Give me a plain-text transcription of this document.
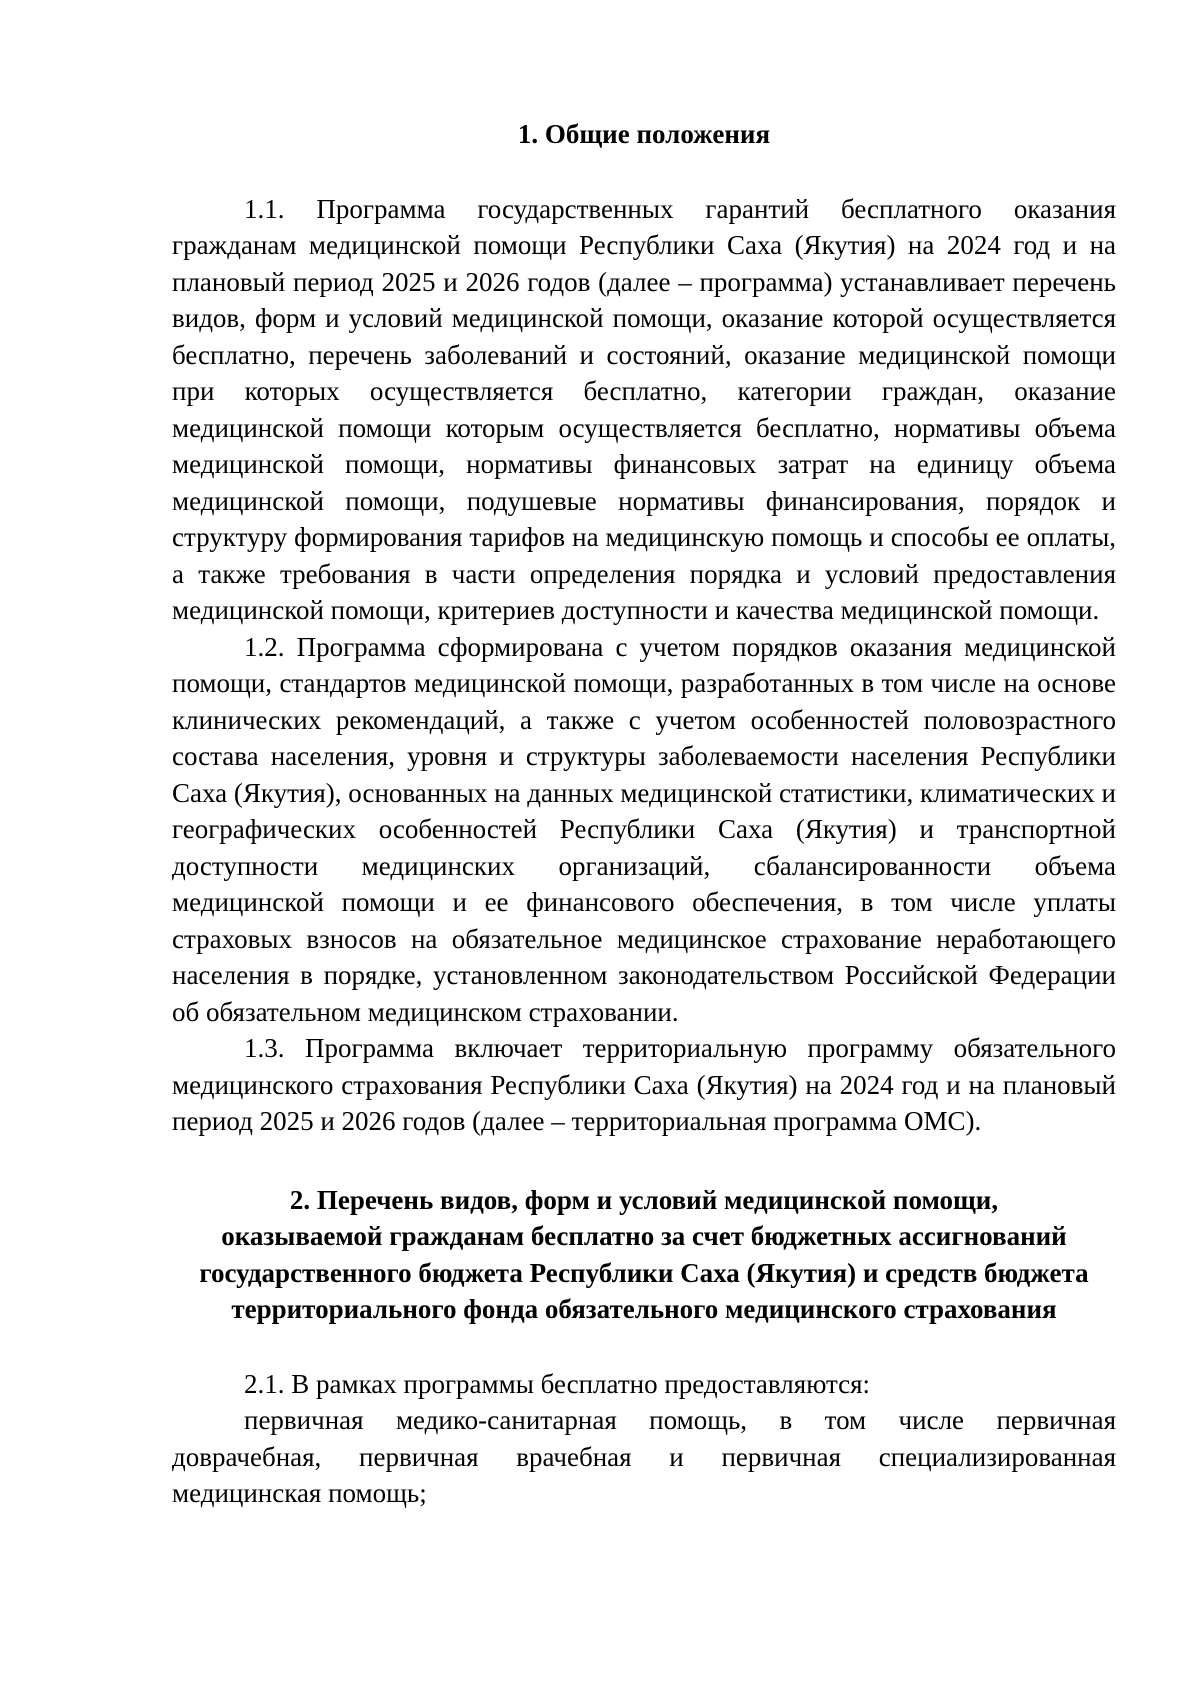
1. Общие положения

1.1. Программа государственных гарантий бесплатного оказания гражданам медицинской помощи Республики Саха (Якутия) на 2024 год и на плановый период 2025 и 2026 годов (далее – программа) устанавливает перечень видов, форм и условий медицинской помощи, оказание которой осуществляется бесплатно, перечень заболеваний и состояний, оказание медицинской помощи при которых осуществляется бесплатно, категории граждан, оказание медицинской помощи которым осуществляется бесплатно, нормативы объема медицинской помощи, нормативы финансовых затрат на единицу объема медицинской помощи, подушевые нормативы финансирования, порядок и структуру формирования тарифов на медицинскую помощь и способы ее оплаты, а также требования в части определения порядка и условий предоставления медицинской помощи, критериев доступности и качества медицинской помощи.

1.2. Программа сформирована с учетом порядков оказания медицинской помощи, стандартов медицинской помощи, разработанных в том числе на основе клинических рекомендаций, а также с учетом особенностей половозрастного состава населения, уровня и структуры заболеваемости населения Республики Саха (Якутия), основанных на данных медицинской статистики, климатических и географических особенностей Республики Саха (Якутия) и транспортной доступности медицинских организаций, сбалансированности объема медицинской помощи и ее финансового обеспечения, в том числе уплаты страховых взносов на обязательное медицинское страхование неработающего населения в порядке, установленном законодательством Российской Федерации об обязательном медицинском страховании.

1.3. Программа включает территориальную программу обязательного медицинского страхования Республики Саха (Якутия) на 2024 год и на плановый период 2025 и 2026 годов (далее – территориальная программа ОМС).

2. Перечень видов, форм и условий медицинской помощи,
оказываемой гражданам бесплатно за счет бюджетных ассигнований
государственного бюджета Республики Саха (Якутия) и средств бюджета
территориального фонда обязательного медицинского страхования

2.1. В рамках программы бесплатно предоставляются:

первичная медико-санитарная помощь, в том числе первичная доврачебная, первичная врачебная и первичная специализированная медицинская помощь;
